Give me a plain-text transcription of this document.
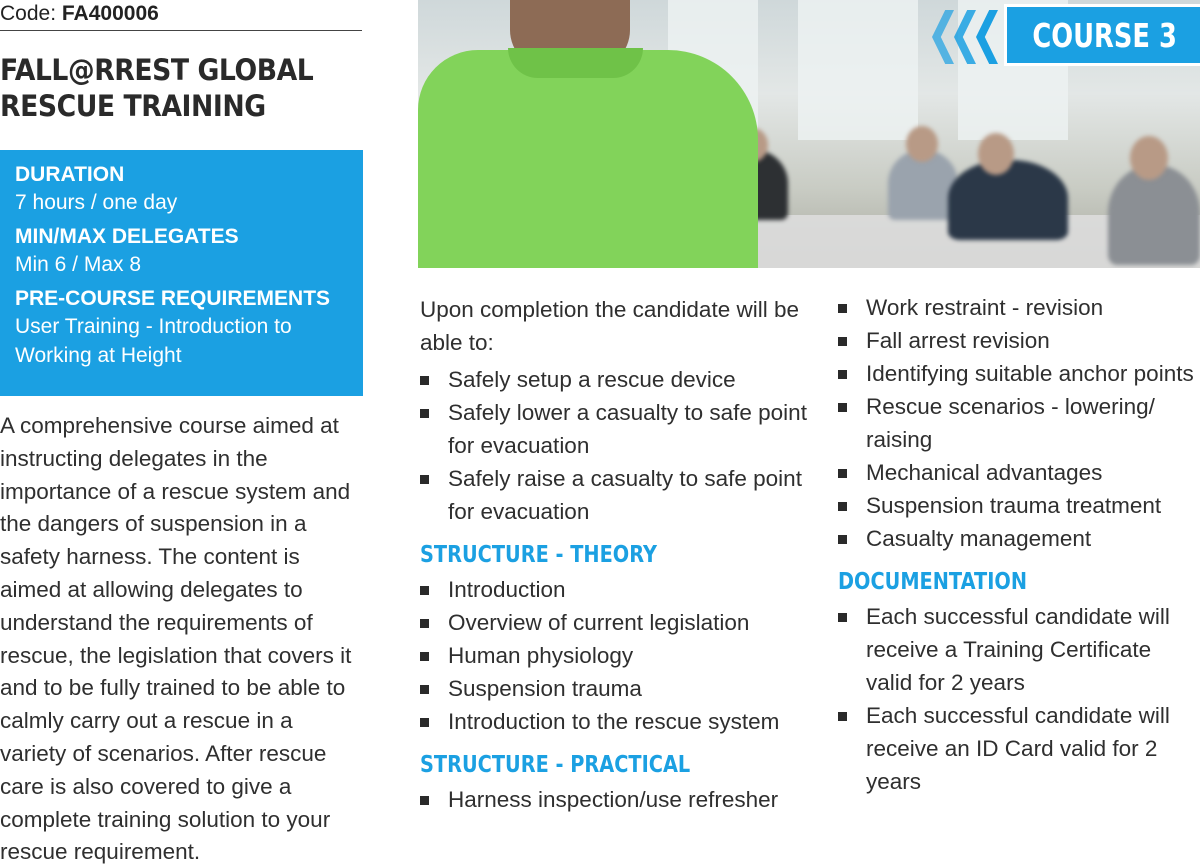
Code: FA400006
FALL@RREST GLOBAL
RESCUE TRAINING
DURATION
7 hours / one day
MIN/MAX DELEGATES
Min 6 / Max 8
PRE-COURSE REQUIREMENTS
User Training - Introduction to
Working at Height

A comprehensive course aimed at instructing delegates in the importance of a rescue system and the dangers of suspension in a safety harness. The content is aimed at allowing delegates to understand the requirements of rescue, the legislation that covers it and to be fully trained to be able to calmly carry out a rescue in a variety of scenarios. After rescue care is also covered to give a complete training solution to your rescue requirement.

COURSE 3

Upon completion the candidate will be able to:

Safely setup a rescue device
Safely lower a casualty to safe point for evacuation
Safely raise a casualty to safe point for evacuation
STRUCTURE - THEORY
Introduction
Overview of current legislation
Human physiology
Suspension trauma
Introduction to the rescue system
STRUCTURE - PRACTICAL
Harness inspection/use refresher
Work restraint - revision
Fall arrest revision
Identifying suitable anchor points
Rescue scenarios - lowering/ raising
Mechanical advantages
Suspension trauma treatment
Casualty management
DOCUMENTATION
Each successful candidate will receive a Training Certificate valid for 2 years
Each successful candidate will receive an ID Card valid for 2 years
